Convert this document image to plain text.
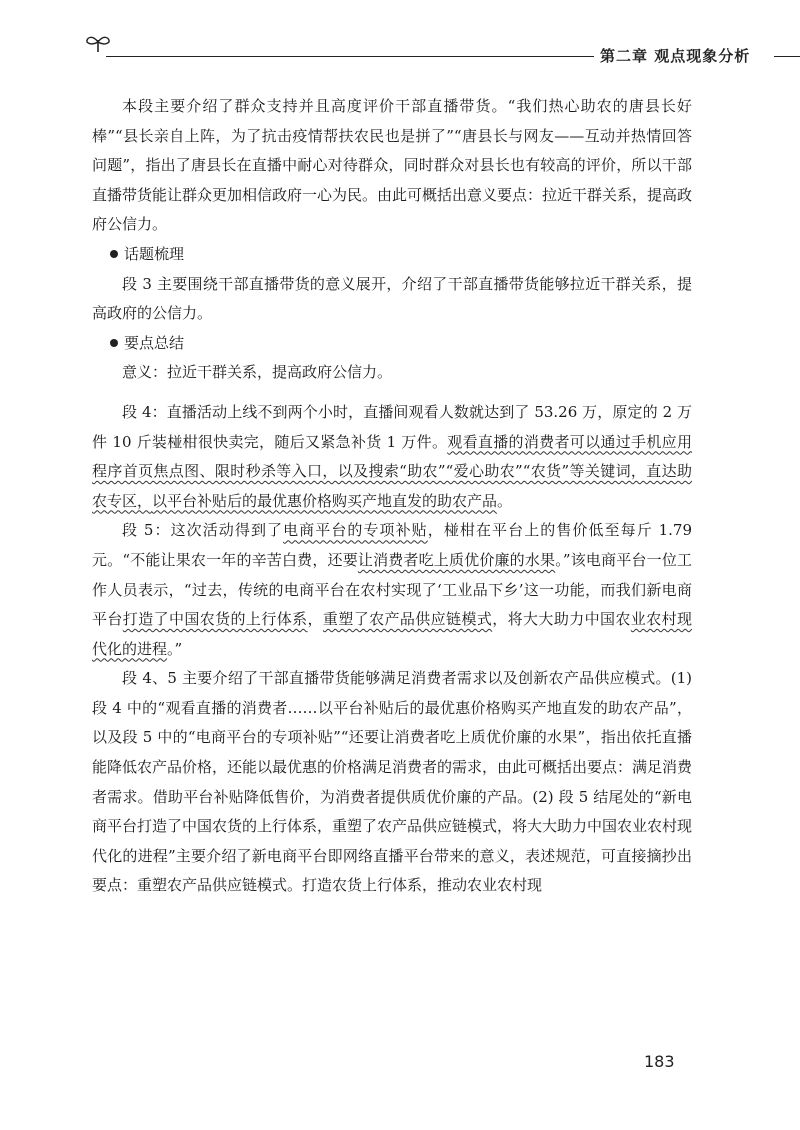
第二章 观点现象分析

本段主要介绍了群众支持并且高度评价干部直播带货。“我们热心助农的唐县长好棒”“县长亲自上阵，为了抗击疫情帮扶农民也是拼了”“唐县长与网友——互动并热情回答问题”，指出了唐县长在直播中耐心对待群众，同时群众对县长也有较高的评价，所以干部直播带货能让群众更加相信政府一心为民。由此可概括出意义要点：拉近干群关系，提高政府公信力。

话题梳理

段 3 主要围绕干部直播带货的意义展开，介绍了干部直播带货能够拉近干群关系，提高政府的公信力。

要点总结

意义：拉近干群关系，提高政府公信力。

段 4：直播活动上线不到两个小时，直播间观看人数就达到了 53.26 万，原定的 2 万件 10 斤装椪柑很快卖完，随后又紧急补货 1 万件。观看直播的消费者可以通过手机应用程序首页焦点图、限时秒杀等入口，以及搜索“助农”“爱心助农”“农货”等关键词，直达助农专区，以平台补贴后的最优惠价格购买产地直发的助农产品。

段 5：这次活动得到了电商平台的专项补贴，椪柑在平台上的售价低至每斤 1.79 元。“不能让果农一年的辛苦白费，还要让消费者吃上质优价廉的水果。”该电商平台一位工作人员表示，“过去，传统的电商平台在农村实现了‘工业品下乡’这一功能，而我们新电商平台打造了中国农货的上行体系，重塑了农产品供应链模式，将大大助力中国农业农村现代化的进程。”

段 4、5 主要介绍了干部直播带货能够满足消费者需求以及创新农产品供应模式。(1) 段 4 中的“观看直播的消费者……以平台补贴后的最优惠价格购买产地直发的助农产品”，以及段 5 中的“电商平台的专项补贴”“还要让消费者吃上质优价廉的水果”，指出依托直播能降低农产品价格，还能以最优惠的价格满足消费者的需求，由此可概括出要点：满足消费者需求。借助平台补贴降低售价，为消费者提供质优价廉的产品。(2) 段 5 结尾处的“新电商平台打造了中国农货的上行体系，重塑了农产品供应链模式，将大大助力中国农业农村现代化的进程”主要介绍了新电商平台即网络直播平台带来的意义，表述规范，可直接摘抄出要点：重塑农产品供应链模式。打造农货上行体系，推动农业农村现

183
